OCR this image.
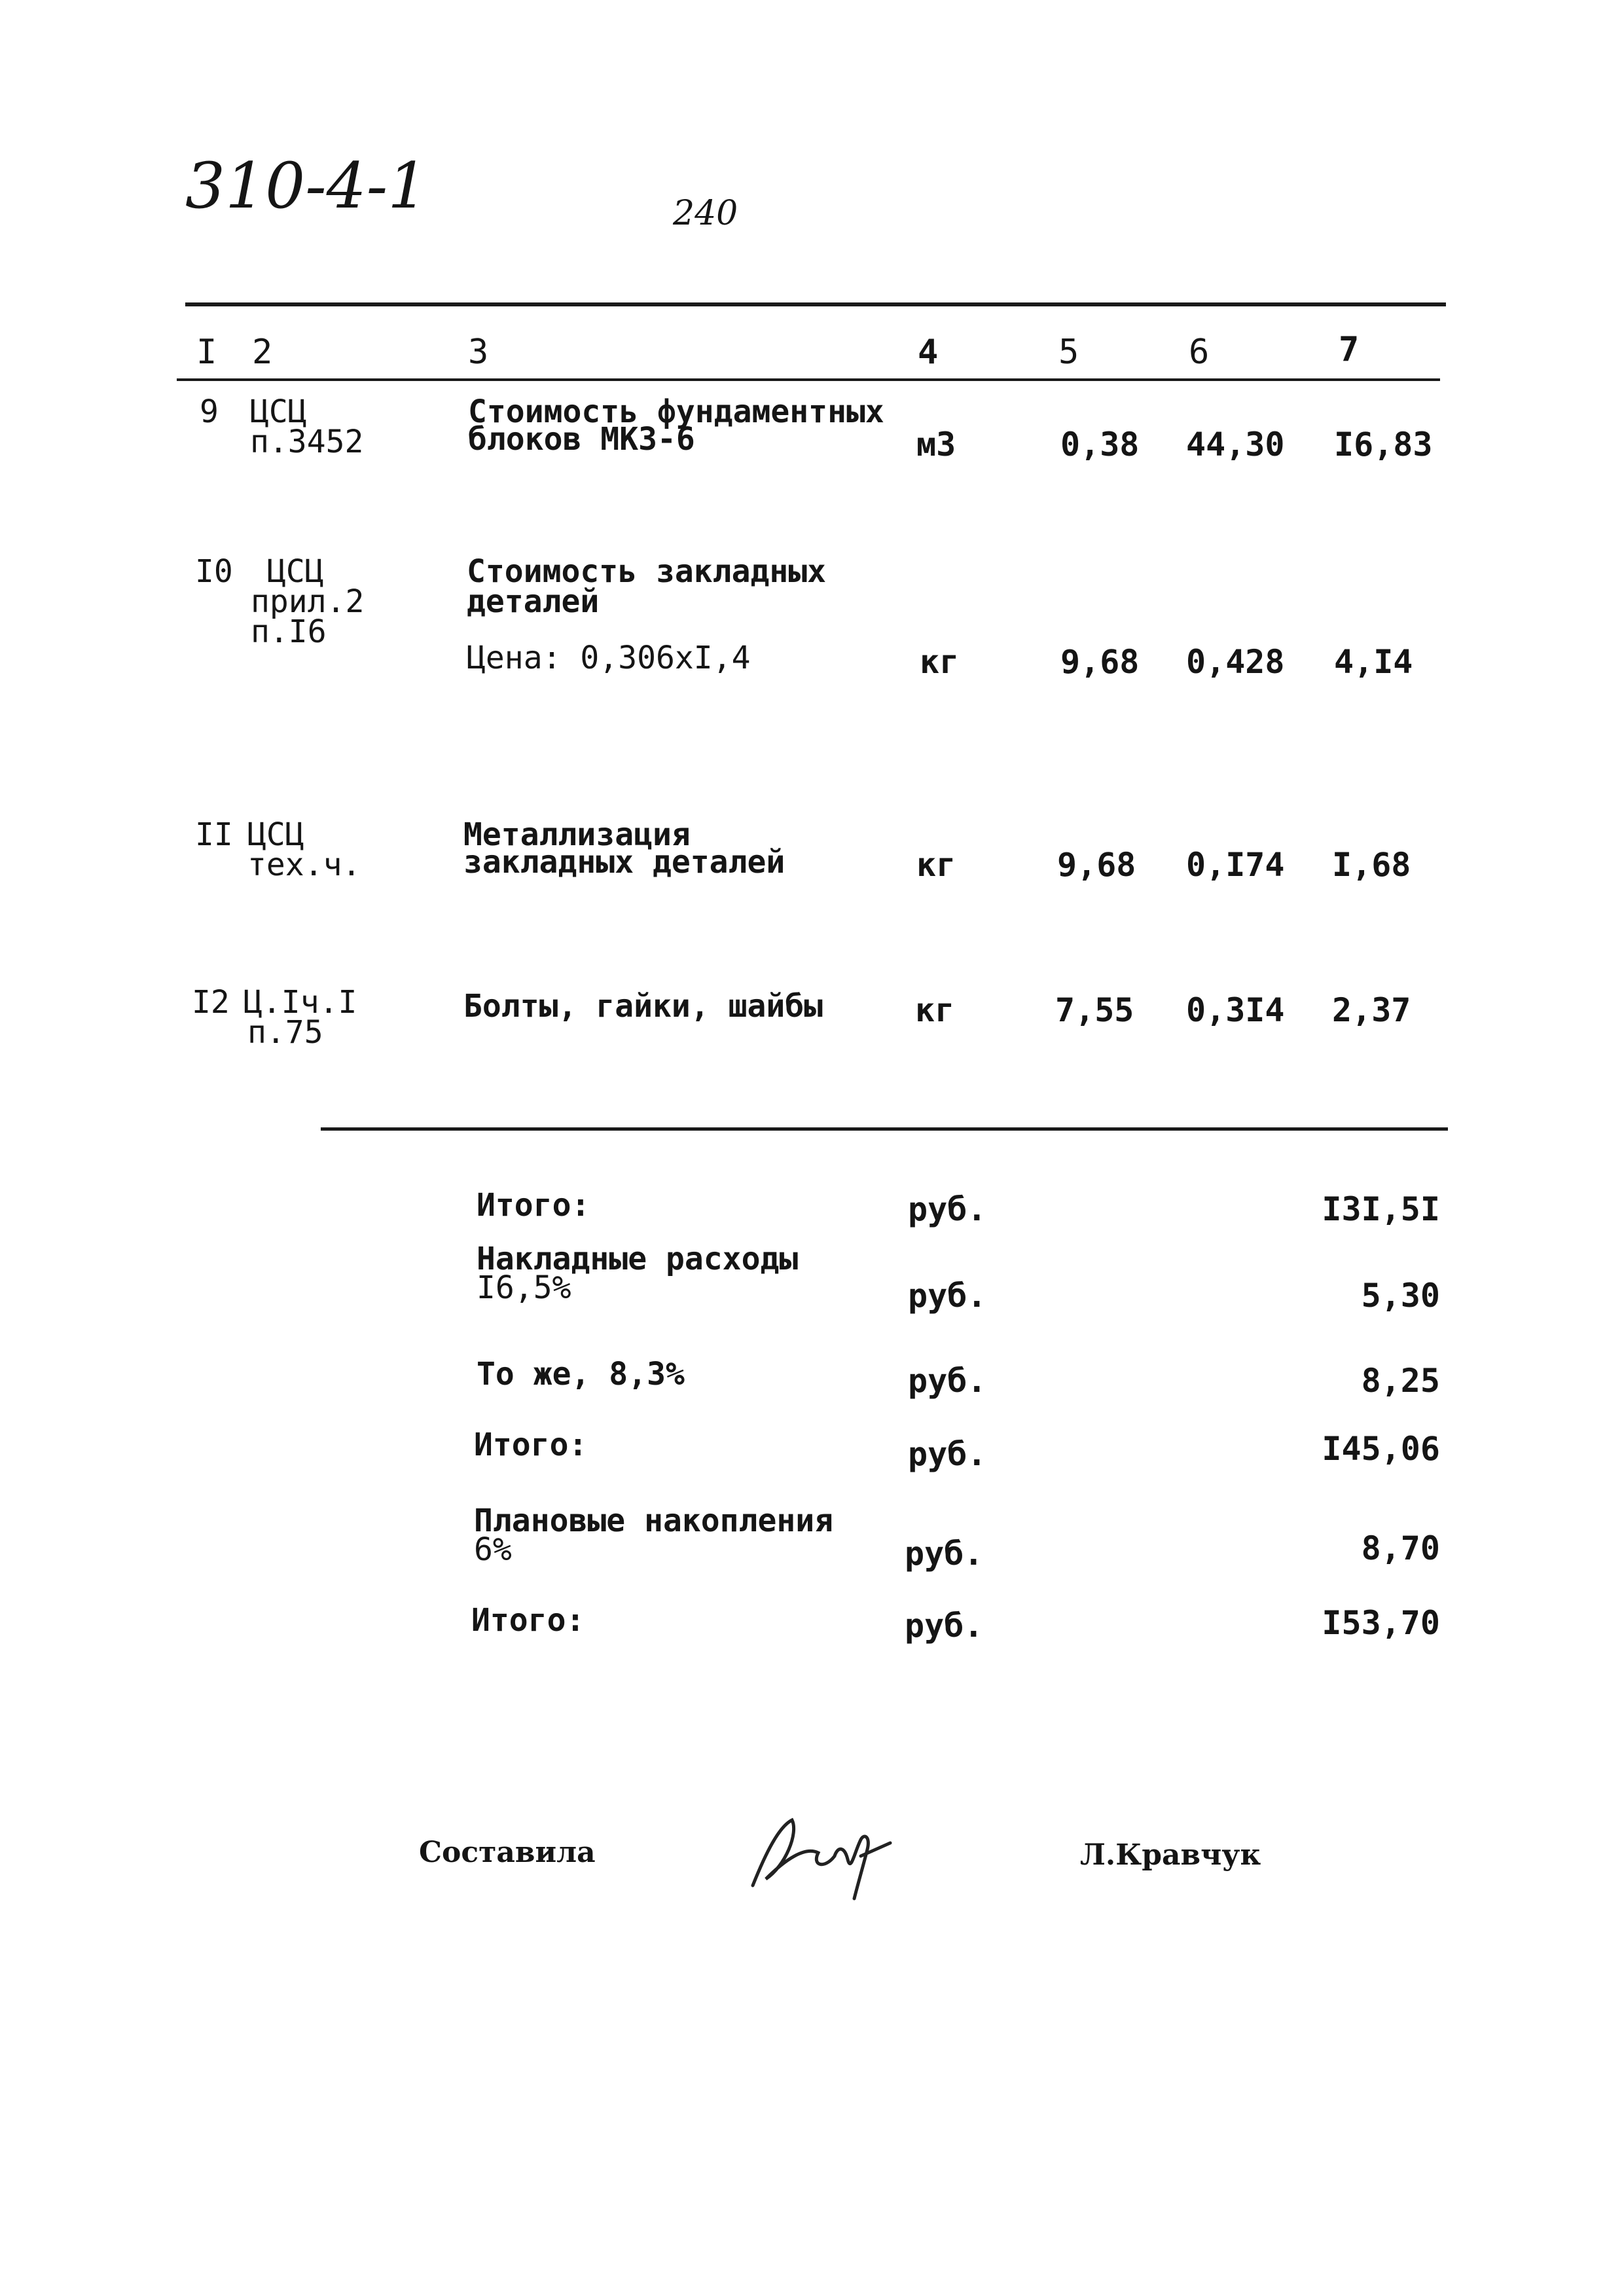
310-4-1	240
I 2	3	4	5	6	7
9 ЦСЦ
п.3452
Стоимость фундаментных
блоков МКЗ-6	м3	0,38 44,30 I6,83
I0 ЦСЦ
прил.2
п.I6
Стоимость закладных
деталей
Цена: 0,306хI,4	кг	9,68 0,428 4,I4
II ЦСЦ
тех.ч.
Металлизация
закладных деталей	кг	9,68 0,I74 I,68
I2 Ц.Iч.I
п.75
Болты, гайки, шайбы	кг	7,55 0,3I4 2,37
Итого:	руб.	I3I,5I
Накладные расходы
I6,5%	руб.	5,30
То же, 8,3%	руб.	8,25
Итого:	руб.	I45,06
Плановые накопления
6%	руб.	8,70
Итого:	руб.	I53,70
Составила	Л.Кравчук
